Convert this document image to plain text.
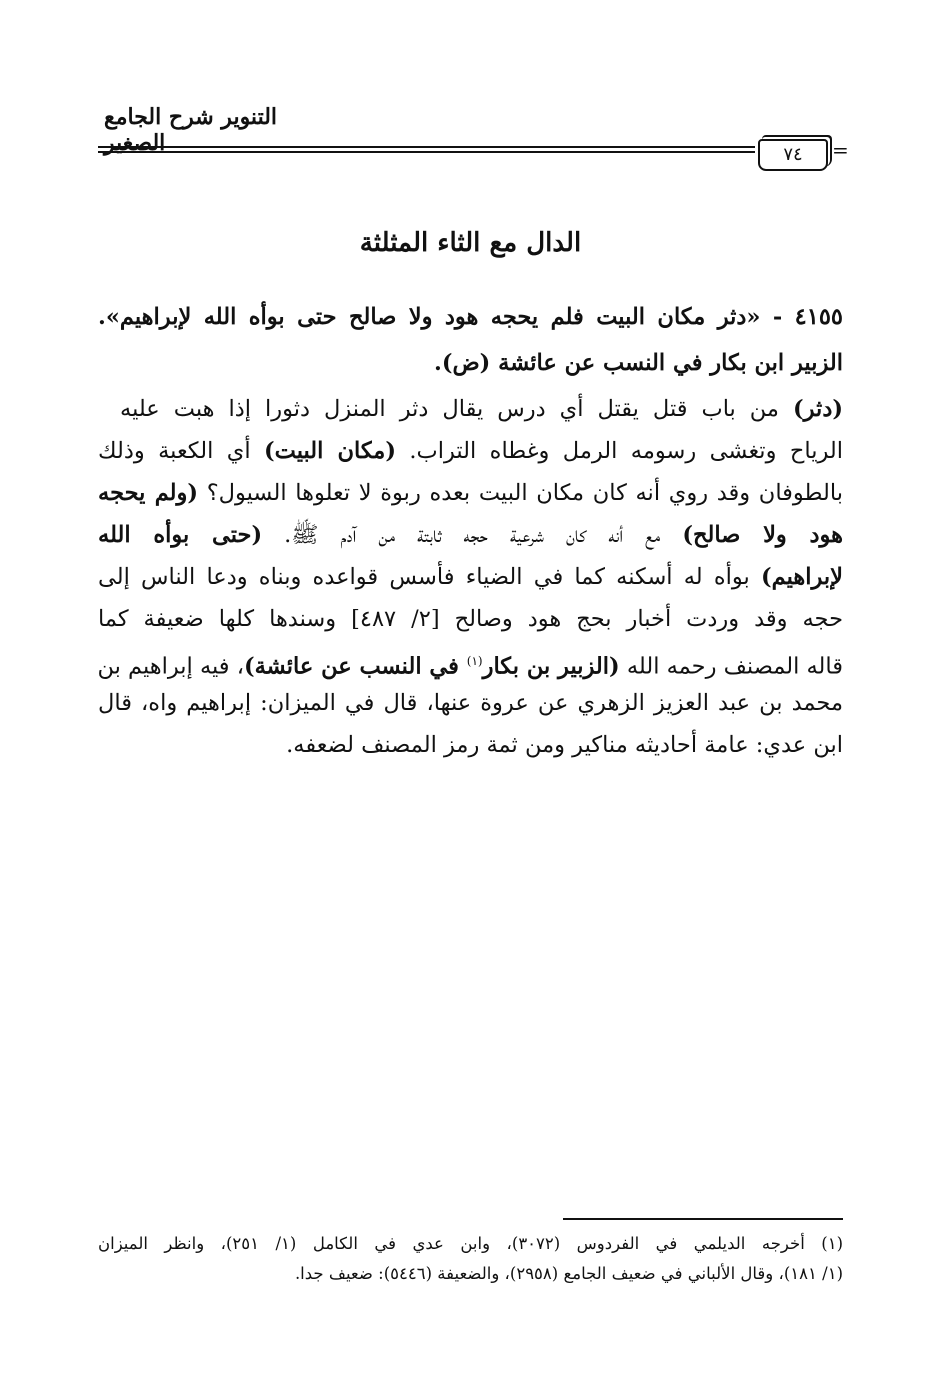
التنوير شرح الجامع الصغير	٧٤	=
الدال مع الثاء المثلثة
٤١٥٥ - «دثر مكان البيت فلم يحجه هود ولا صالح حتى بوأه الله لإبراهيم».
الزبير ابن بكار في النسب عن عائشة (ض).
(دثر) من باب قتل يقتل أي درس يقال دثر المنزل دثورا إذا هبت عليه
الرياح وتغشى رسومه الرمل وغطاه التراب. (مكان البيت) أي الكعبة وذلك
بالطوفان وقد روي أنه كان مكان البيت بعده ربوة لا تعلوها السيول؟ (ولم يحجه
هود ولا صالح) مع أنه كان شرعية حجه ثابتة من آدم ﷺ. (حتى بوأه الله
لإبراهيم) بوأه له أسكنه كما في الضياء فأسس قواعده وبناه ودعا الناس إلى
حجه وقد وردت أخبار بحج هود وصالح [٢/ ٤٨٧] وسندها كلها ضعيفة كما
قاله المصنف رحمه الله (الزبير بن بكار$^{(١)}$ في النسب عن عائشة)، فيه إبراهيم بن
محمد بن عبد العزيز الزهري عن عروة عنها، قال في الميزان: إبراهيم واه، قال
ابن عدي: عامة أحاديثه مناكير ومن ثمة رمز المصنف لضعفه.
(١) أخرجه الديلمي في الفردوس (٣٠٧٢)، وابن عدي في الكامل (١/ ٢٥١)، وانظر الميزان
(١/ ١٨١)، وقال الألباني في ضعيف الجامع (٢٩٥٨)، والضعيفة (٥٤٤٦): ضعيف جدا.
